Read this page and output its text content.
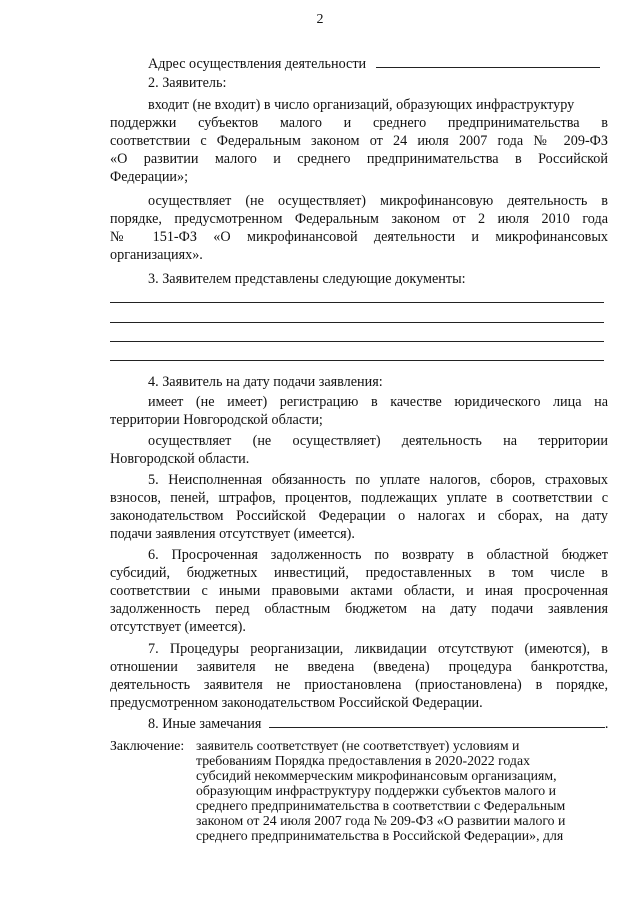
2
Адрес осуществления деятельности
2. Заявитель:
входит (не входит) в число организаций, образующих инфраструктуру
поддержки субъектов малого и среднего предпринимательства в
соответствии с Федеральным законом от 24 июля 2007 года № 209-ФЗ
«О развитии малого и среднего предпринимательства в Российской
Федерации»;
осуществляет (не осуществляет) микрофинансовую деятельность в
порядке, предусмотренном Федеральным законом от 2 июля 2010 года
№ 151-ФЗ «О микрофинансовой деятельности и микрофинансовых
организациях».
3. Заявителем представлены следующие документы:
4. Заявитель на дату подачи заявления:
имеет (не имеет) регистрацию в качестве юридического лица на
территории Новгородской области;
осуществляет (не осуществляет) деятельность на территории
Новгородской области.
5. Неисполненная обязанность по уплате налогов, сборов, страховых
взносов, пеней, штрафов, процентов, подлежащих уплате в соответствии с
законодательством Российской Федерации о налогах и сборах, на дату
подачи заявления отсутствует (имеется).
6. Просроченная задолженность по возврату в областной бюджет
субсидий, бюджетных инвестиций, предоставленных в том числе в
соответствии с иными правовыми актами области, и иная просроченная
задолженность перед областным бюджетом на дату подачи заявления
отсутствует (имеется).
7. Процедуры реорганизации, ликвидации отсутствуют (имеются), в
отношении заявителя не введена (введена) процедура банкротства,
деятельность заявителя не приостановлена (приостановлена) в порядке,
предусмотренном законодательством Российской Федерации.
8. Иные замечания	.
Заключение: заявитель соответствует (не соответствует) условиям и
требованиям Порядка предоставления в 2020-2022 годах
субсидий некоммерческим микрофинансовым организациям,
образующим инфраструктуру поддержки субъектов малого и
среднего предпринимательства в соответствии с Федеральным
законом от 24 июля 2007 года № 209-ФЗ «О развитии малого и
среднего предпринимательства в Российской Федерации», для
